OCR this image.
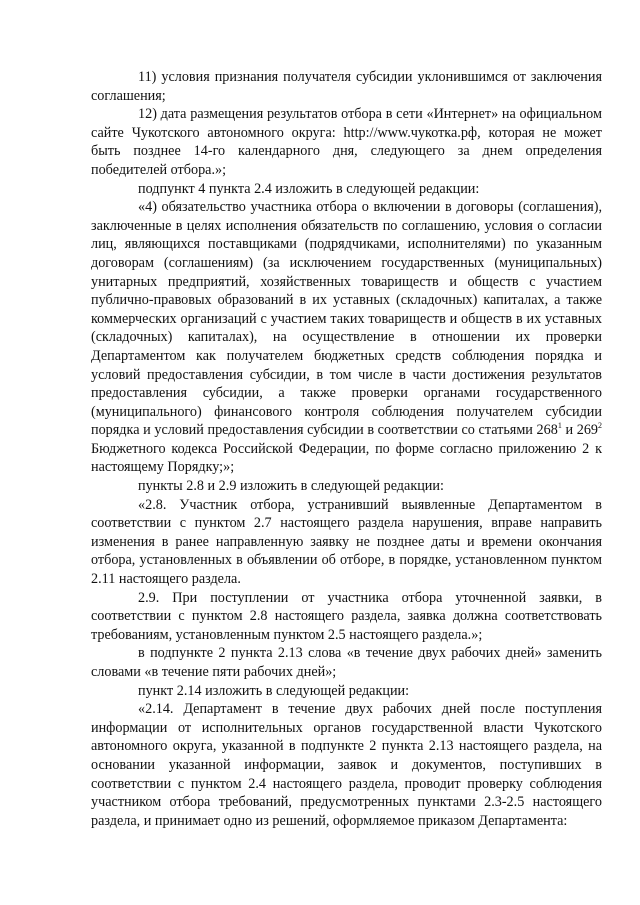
11) условия признания получателя субсидии уклонившимся от заключения соглашения;

12) дата размещения результатов отбора в сети «Интернет» на официальном сайте Чукотского автономного округа: http://www.чукотка.рф, которая не может быть позднее 14-го календарного дня, следующего за днем определения победителей отбора.»;

подпункт 4 пункта 2.4 изложить в следующей редакции:

«4) обязательство участника отбора о включении в договоры (соглашения), заключенные в целях исполнения обязательств по соглашению, условия о согласии лиц, являющихся поставщиками (подрядчиками, исполнителями) по указанным договорам (соглашениям) (за исключением государственных (муниципальных) унитарных предприятий, хозяйственных товариществ и обществ с участием публично-правовых образований в их уставных (складочных) капиталах, а также коммерческих организаций с участием таких товариществ и обществ в их уставных (складочных) капиталах), на осуществление в отношении их проверки Департаментом как получателем бюджетных средств соблюдения порядка и условий предоставления субсидии, в том числе в части достижения результатов предоставления субсидии, а также проверки органами государственного (муниципального) финансового контроля соблюдения получателем субсидии порядка и условий предоставления субсидии в соответствии со статьями $268^1$ и $269^2$ Бюджетного кодекса Российской Федерации, по форме согласно приложению 2 к настоящему Порядку;»;

пункты 2.8 и 2.9 изложить в следующей редакции:

«2.8. Участник отбора, устранивший выявленные Департаментом в соответствии с пунктом 2.7 настоящего раздела нарушения, вправе направить изменения в ранее направленную заявку не позднее даты и времени окончания отбора, установленных в объявлении об отборе, в порядке, установленном пунктом 2.11 настоящего раздела.

2.9. При поступлении от участника отбора уточненной заявки, в соответствии с пунктом 2.8 настоящего раздела, заявка должна соответствовать требованиям, установленным пунктом 2.5 настоящего раздела.»;

в подпункте 2 пункта 2.13 слова «в течение двух рабочих дней» заменить словами «в течение пяти рабочих дней»;

пункт 2.14 изложить в следующей редакции:

«2.14. Департамент в течение двух рабочих дней после поступления информации от исполнительных органов государственной власти Чукотского автономного округа, указанной в подпункте 2 пункта 2.13 настоящего раздела, на основании указанной информации, заявок и документов, поступивших в соответствии с пунктом 2.4 настоящего раздела, проводит проверку соблюдения участником отбора требований, предусмотренных пунктами 2.3-2.5 настоящего раздела, и принимает одно из решений, оформляемое приказом Департамента:
